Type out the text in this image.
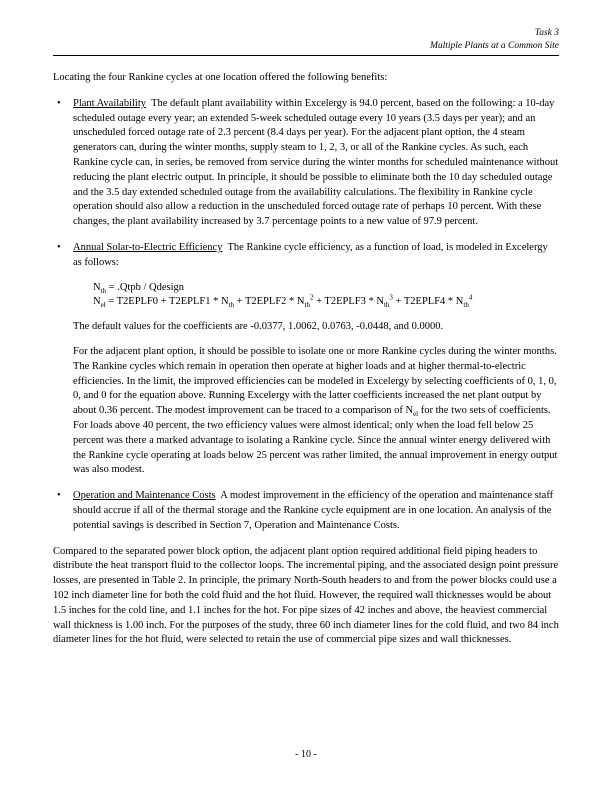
Task 3
Multiple Plants at a Common Site

Locating the four Rankine cycles at one location offered the following benefits:

• Plant Availability The default plant availability within Excelergy is 94.0 percent, based on the following: a 10-day scheduled outage every year; an extended 5-week scheduled outage every 10 years (3.5 days per year); and an unscheduled forced outage rate of 2.3 percent (8.4 days per year). For the adjacent plant option, the 4 steam generators can, during the winter months, supply steam to 1, 2, 3, or all of the Rankine cycles. As such, each Rankine cycle can, in series, be removed from service during the winter months for scheduled maintenance without reducing the plant electric output. In principle, it should be possible to eliminate both the 10 day scheduled outage and the 3.5 day extended scheduled outage from the availability calculations. The flexibility in Rankine cycle operation should also allow a reduction in the unscheduled forced outage rate of perhaps 10 percent. With these changes, the plant availability increased by 3.7 percentage points to a new value of 97.9 percent.

• Annual Solar-to-Electric Efficiency The Rankine cycle efficiency, as a function of load, is modeled in Excelergy as follows:

$N_{th}$ = .Qtpb / Qdesign
$N_{el}$ = T2EPLF0 + T2EPLF1 * $N_{th}$ + T2EPLF2 * $N_{th}^2$ + T2EPLF3 * $N_{th}^3$ + T2EPLF4 * $N_{th}^4$

The default values for the coefficients are -0.0377, 1.0062, 0.0763, -0.0448, and 0.0000.

For the adjacent plant option, it should be possible to isolate one or more Rankine cycles during the winter months. The Rankine cycles which remain in operation then operate at higher loads and at higher thermal-to-electric efficiencies. In the limit, the improved efficiencies can be modeled in Excelergy by selecting coefficients of 0, 1, 0, 0, and 0 for the equation above. Running Excelergy with the latter coefficients increased the net plant output by about 0.36 percent. The modest improvement can be traced to a comparison of $N_{el}$ for the two sets of coefficients. For loads above 40 percent, the two efficiency values were almost identical; only when the load fell below 25 percent was there a marked advantage to isolating a Rankine cycle. Since the annual winter energy delivered with the Rankine cycle operating at loads below 25 percent was rather limited, the annual improvement in energy output was also modest.

• Operation and Maintenance Costs A modest improvement in the efficiency of the operation and maintenance staff should accrue if all of the thermal storage and the Rankine cycle equipment are in one location. An analysis of the potential savings is described in Section 7, Operation and Maintenance Costs.

Compared to the separated power block option, the adjacent plant option required additional field piping headers to distribute the heat transport fluid to the collector loops. The incremental piping, and the associated design point pressure losses, are presented in Table 2. In principle, the primary North-South headers to and from the power blocks could use a 102 inch diameter line for both the cold fluid and the hot fluid. However, the required wall thicknesses would be about 1.5 inches for the cold line, and 1.1 inches for the hot. For pipe sizes of 42 inches and above, the heaviest commercial wall thickness is 1.00 inch. For the purposes of the study, three 60 inch diameter lines for the cold fluid, and two 84 inch diameter lines for the hot fluid, were selected to retain the use of commercial pipe sizes and wall thicknesses.

- 10 -
